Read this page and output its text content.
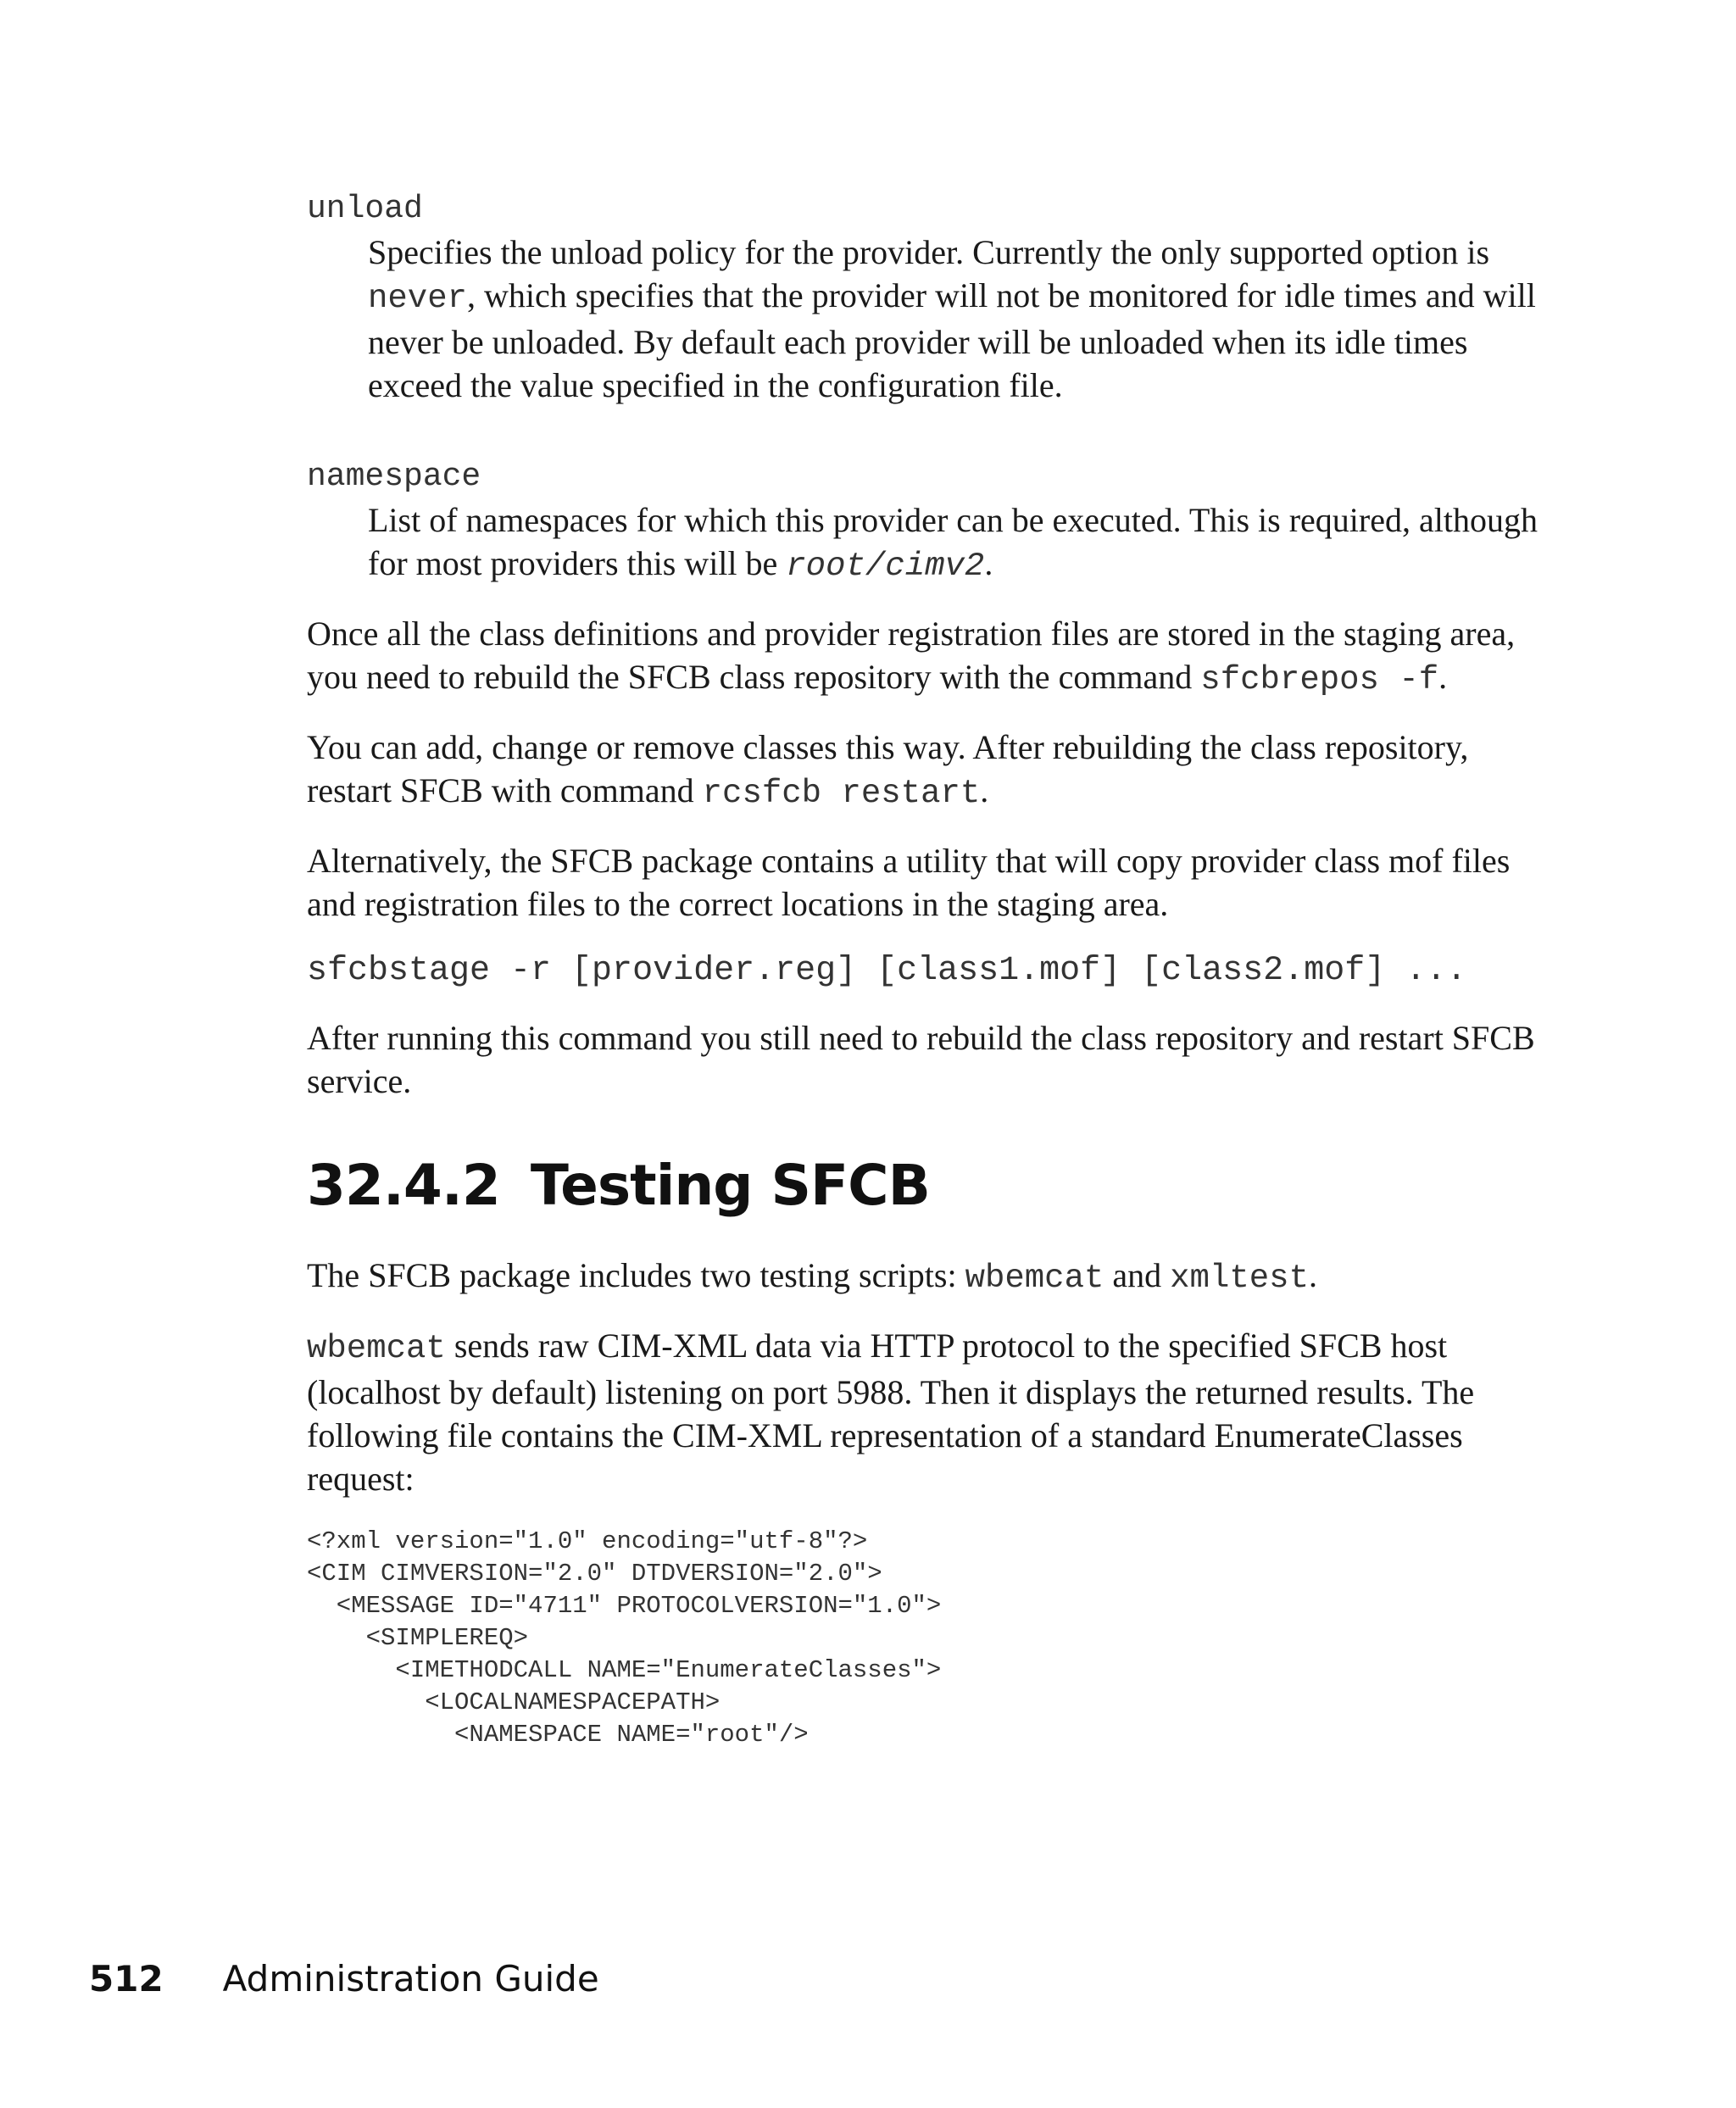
unload

Specifies the unload policy for the provider. Currently the only supported option is never, which specifies that the provider will not be monitored for idle times and will never be unloaded. By default each provider will be unloaded when its idle times exceed the value specified in the configuration file.

namespace

List of namespaces for which this provider can be executed. This is required, although for most providers this will be root/cimv2.

Once all the class definitions and provider registration files are stored in the staging area, you need to rebuild the SFCB class repository with the command sfcbrepos -f.

You can add, change or remove classes this way. After rebuilding the class repository, restart SFCB with command rcsfcb restart.

Alternatively, the SFCB package contains a utility that will copy provider class mof files and registration files to the correct locations in the staging area.

sfcbstage -r [provider.reg] [class1.mof] [class2.mof] ...

After running this command you still need to rebuild the class repository and restart SFCB service.

32.4.2 Testing SFCB

The SFCB package includes two testing scripts: wbemcat and xmltest.

wbemcat sends raw CIM-XML data via HTTP protocol to the specified SFCB host (localhost by default) listening on port 5988. Then it displays the returned results. The following file contains the CIM-XML representation of a standard EnumerateClasses request:

<?xml version="1.0" encoding="utf-8"?>
<CIM CIMVERSION="2.0" DTDVERSION="2.0">
<MESSAGE ID="4711" PROTOCOLVERSION="1.0">
<SIMPLEREQ>
<IMETHODCALL NAME="EnumerateClasses">
<LOCALNAMESPACEPATH>
<NAMESPACE NAME="root"/>
512 Administration Guide
